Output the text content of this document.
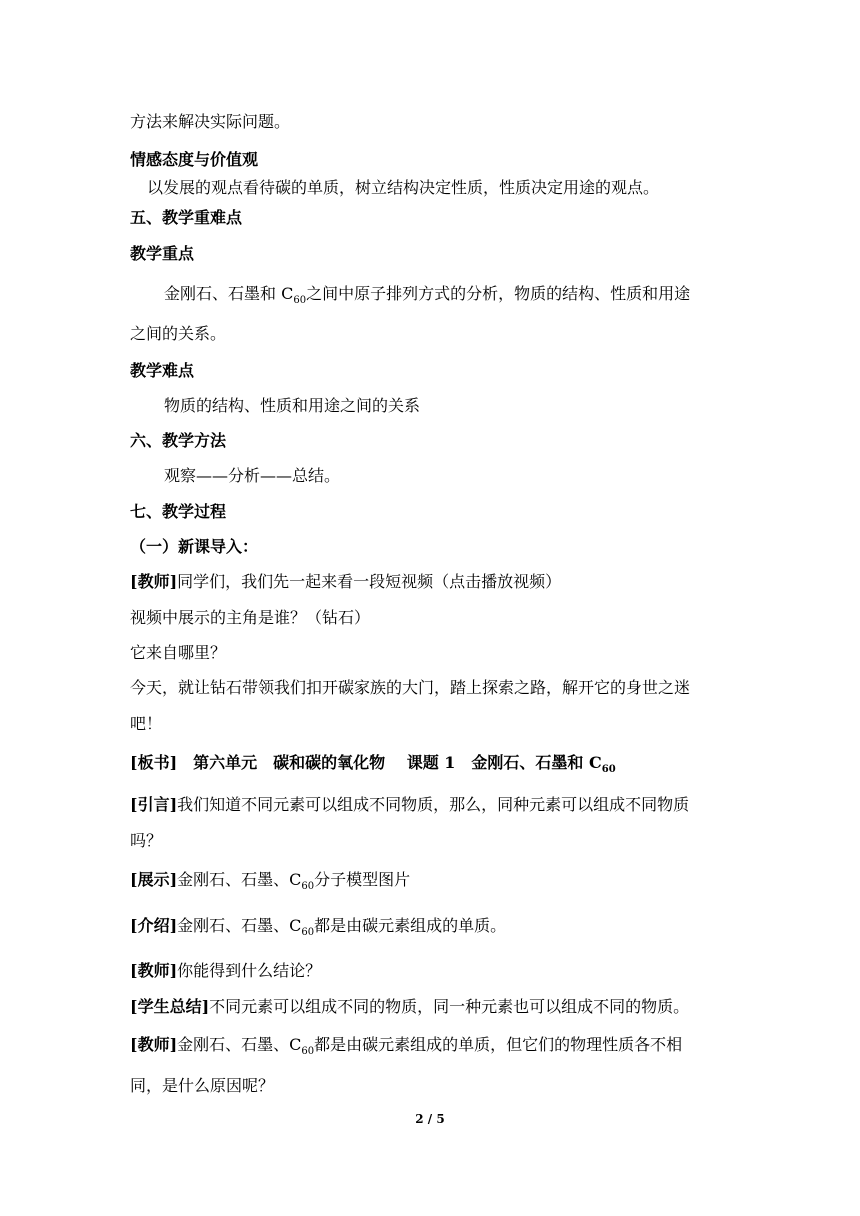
方法来解决实际问题。
情感态度与价值观
以发展的观点看待碳的单质，树立结构决定性质，性质决定用途的观点。
五、教学重难点
教学重点
金刚石、石墨和 $C_{60}$之间中原子排列方式的分析，物质的结构、性质和用途
之间的关系。
教学难点
物质的结构、性质和用途之间的关系
六、教学方法
观察——分析——总结。
七、教学过程
（一）新课导入：
[教师]同学们，我们先一起来看一段短视频（点击播放视频）
视频中展示的主角是谁？（钻石）
它来自哪里？
今天，就让钻石带领我们扣开碳家族的大门，踏上探索之路，解开它的身世之迷
吧！
[板书]　第六单元　碳和碳的氧化物　 课题 1　金刚石、石墨和 $C_{60}$
[引言]我们知道不同元素可以组成不同物质，那么，同种元素可以组成不同物质
吗？
[展示]金刚石、石墨、$C_{60}$分子模型图片
[介绍]金刚石、石墨、$C_{60}$都是由碳元素组成的单质。
[教师]你能得到什么结论？
[学生总结]不同元素可以组成不同的物质，同一种元素也可以组成不同的物质。
[教师]金刚石、石墨、$C_{60}$都是由碳元素组成的单质，但它们的物理性质各不相
同，是什么原因呢？
2 / 5
